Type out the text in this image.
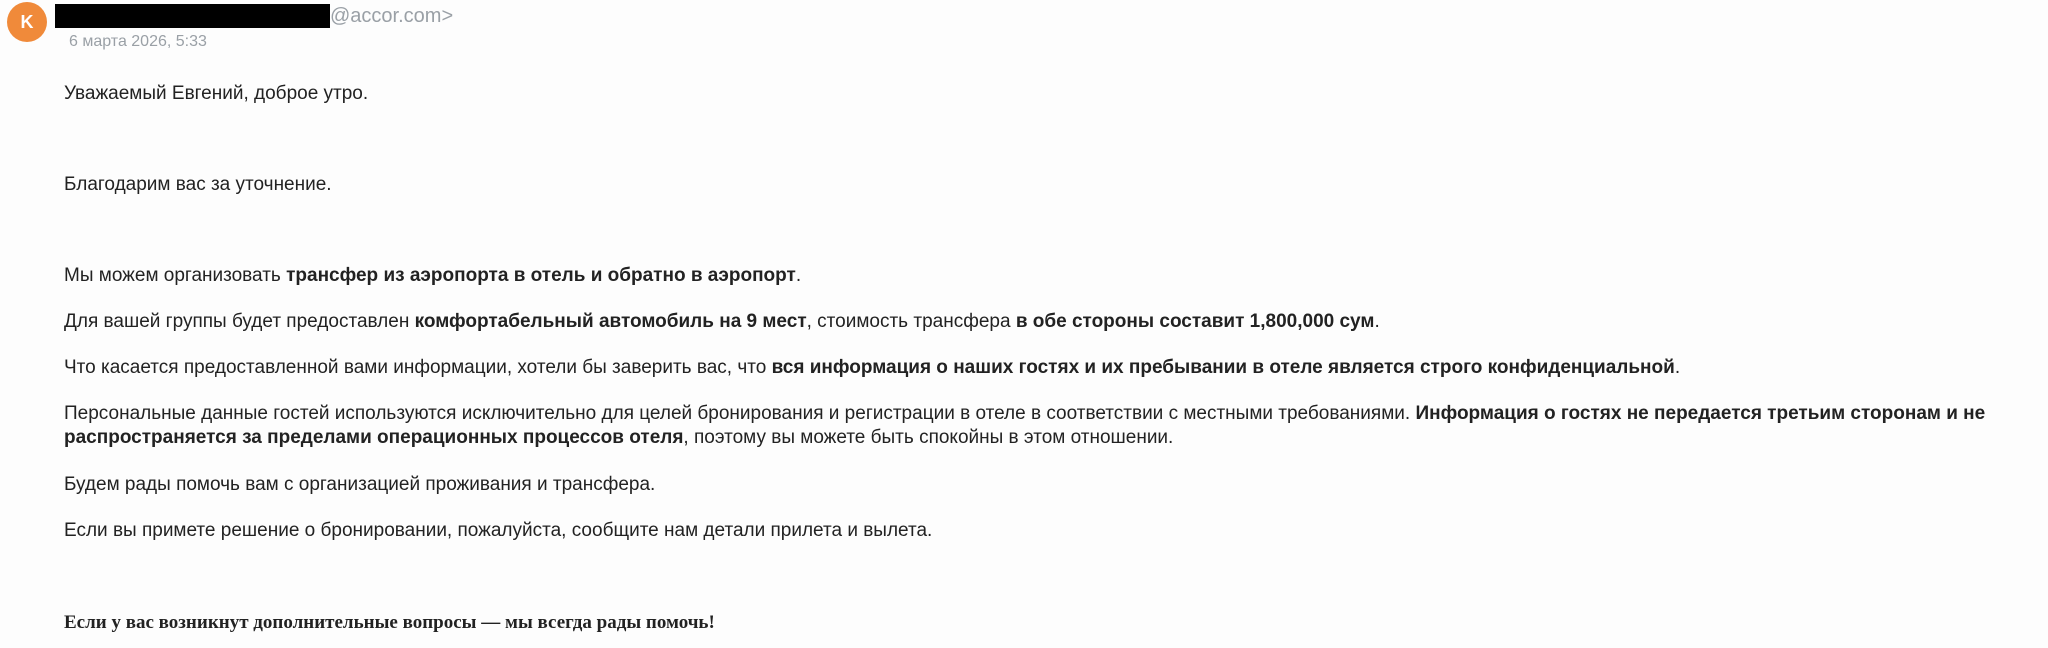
K	@accor.com>
6 марта 2026, 5:33

Уважаемый Евгений, доброе утро.

Благодарим вас за уточнение.

Мы можем организовать трансфер из аэропорта в отель и обратно в аэропорт.

Для вашей группы будет предоставлен комфортабельный автомобиль на 9 мест, стоимость трансфера в обе стороны составит 1,800,000 сум.

Что касается предоставленной вами информации, хотели бы заверить вас, что вся информация о наших гостях и их пребывании в отеле является строго конфиденциальной.

Персональные данные гостей используются исключительно для целей бронирования и регистрации в отеле в соответствии с местными требованиями. Информация о гостях не передается третьим сторонам и не распространяется за пределами операционных процессов отеля, поэтому вы можете быть спокойны в этом отношении.

Будем рады помочь вам с организацией проживания и трансфера.

Если вы примете решение о бронировании, пожалуйста, сообщите нам детали прилета и вылета.

Если у вас возникнут дополнительные вопросы — мы всегда рады помочь!
